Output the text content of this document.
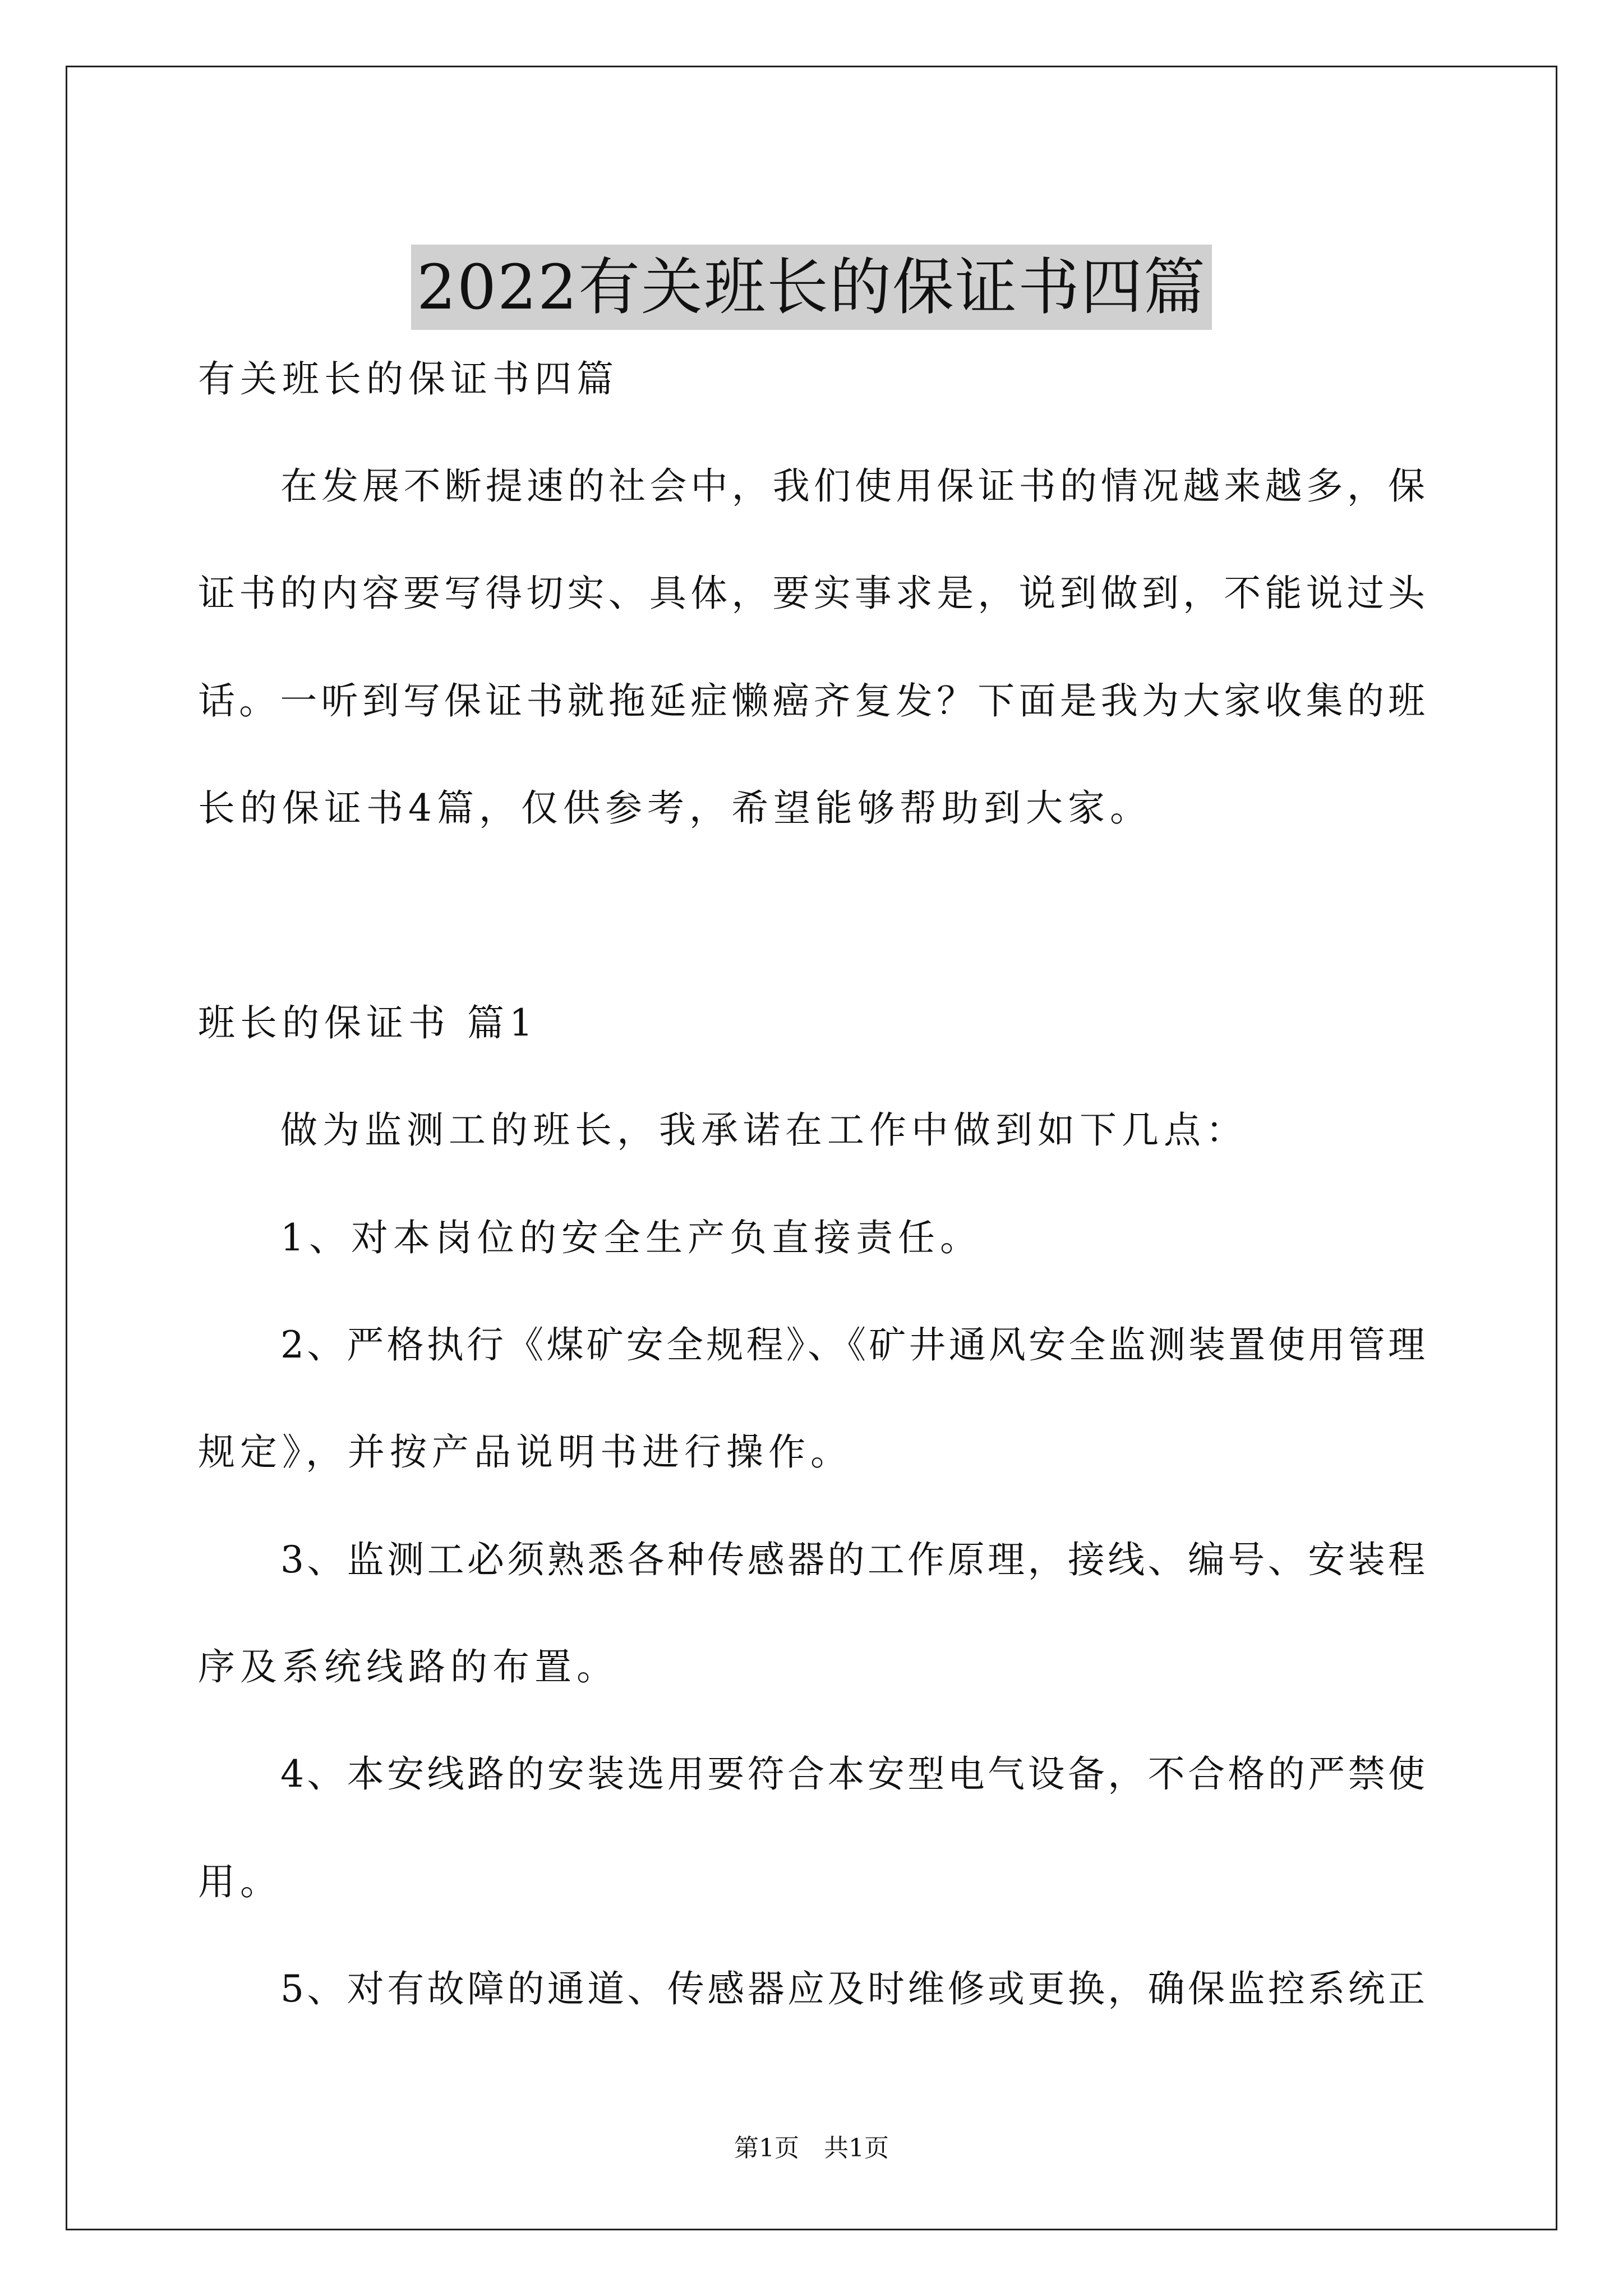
2022有关班长的保证书四篇
有关班长的保证书四篇
在发展不断提速的社会中，我们使用保证书的情况越来越多，保
证书的内容要写得切实、具体，要实事求是，说到做到，不能说过头
话。一听到写保证书就拖延症懒癌齐复发？下面是我为大家收集的班
长的保证书4篇，仅供参考，希望能够帮助到大家。
班长的保证书 篇1
做为监测工的班长，我承诺在工作中做到如下几点：
1、对本岗位的安全生产负直接责任。
2、严格执行《煤矿安全规程》、《矿井通风安全监测装置使用管理
规定》，并按产品说明书进行操作。
3、监测工必须熟悉各种传感器的工作原理，接线、编号、安装程
序及系统线路的布置。
4、本安线路的安装选用要符合本安型电气设备，不合格的严禁使
用。
5、对有故障的通道、传感器应及时维修或更换，确保监控系统正
第1页　共1页
